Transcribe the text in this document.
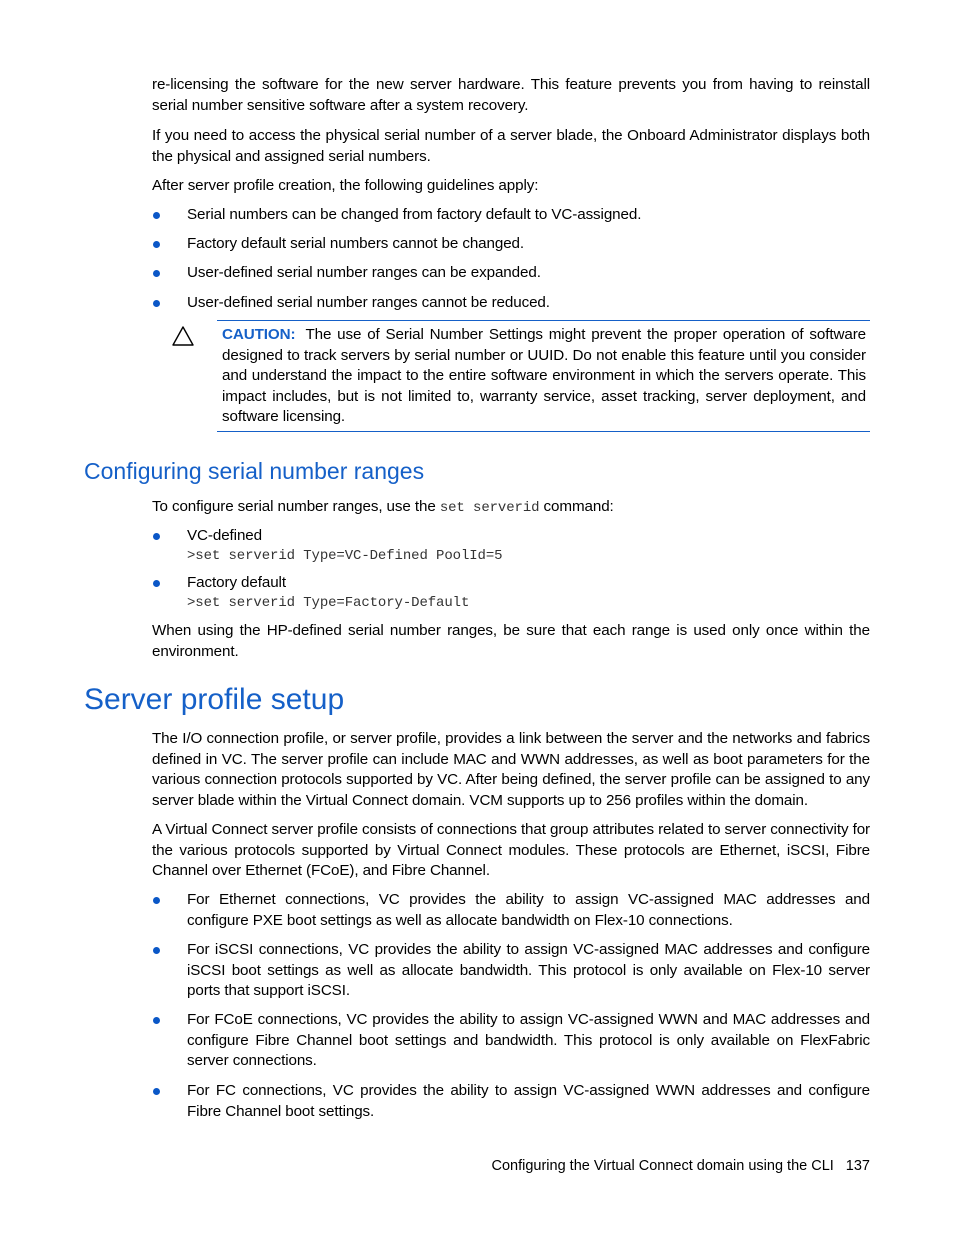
re-licensing the software for the new server hardware. This feature prevents you from having to reinstall serial number sensitive software after a system recovery.

If you need to access the physical serial number of a server blade, the Onboard Administrator displays both the physical and assigned serial numbers.

After server profile creation, the following guidelines apply:

Serial numbers can be changed from factory default to VC-assigned.

Factory default serial numbers cannot be changed.

User-defined serial number ranges can be expanded.

User-defined serial number ranges cannot be reduced.

CAUTION: The use of Serial Number Settings might prevent the proper operation of software designed to track servers by serial number or UUID. Do not enable this feature until you consider and understand the impact to the entire software environment in which the servers operate. This impact includes, but is not limited to, warranty service, asset tracking, server deployment, and software licensing.

Configuring serial number ranges

To configure serial number ranges, use the set serverid command:

VC-defined

>set serverid Type=VC-Defined PoolId=5

Factory default

>set serverid Type=Factory-Default

When using the HP-defined serial number ranges, be sure that each range is used only once within the environment.

Server profile setup

The I/O connection profile, or server profile, provides a link between the server and the networks and fabrics defined in VC. The server profile can include MAC and WWN addresses, as well as boot parameters for the various connection protocols supported by VC. After being defined, the server profile can be assigned to any server blade within the Virtual Connect domain. VCM supports up to 256 profiles within the domain.

A Virtual Connect server profile consists of connections that group attributes related to server connectivity for the various protocols supported by Virtual Connect modules. These protocols are Ethernet, iSCSI, Fibre Channel over Ethernet (FCoE), and Fibre Channel.

For Ethernet connections, VC provides the ability to assign VC-assigned MAC addresses and configure PXE boot settings as well as allocate bandwidth on Flex-10 connections.

For iSCSI connections, VC provides the ability to assign VC-assigned MAC addresses and configure iSCSI boot settings as well as allocate bandwidth. This protocol is only available on Flex-10 server ports that support iSCSI.

For FCoE connections, VC provides the ability to assign VC-assigned WWN and MAC addresses and configure Fibre Channel boot settings and bandwidth. This protocol is only available on FlexFabric server connections.

For FC connections, VC provides the ability to assign VC-assigned WWN addresses and configure Fibre Channel boot settings.

Configuring the Virtual Connect domain using the CLI 137
